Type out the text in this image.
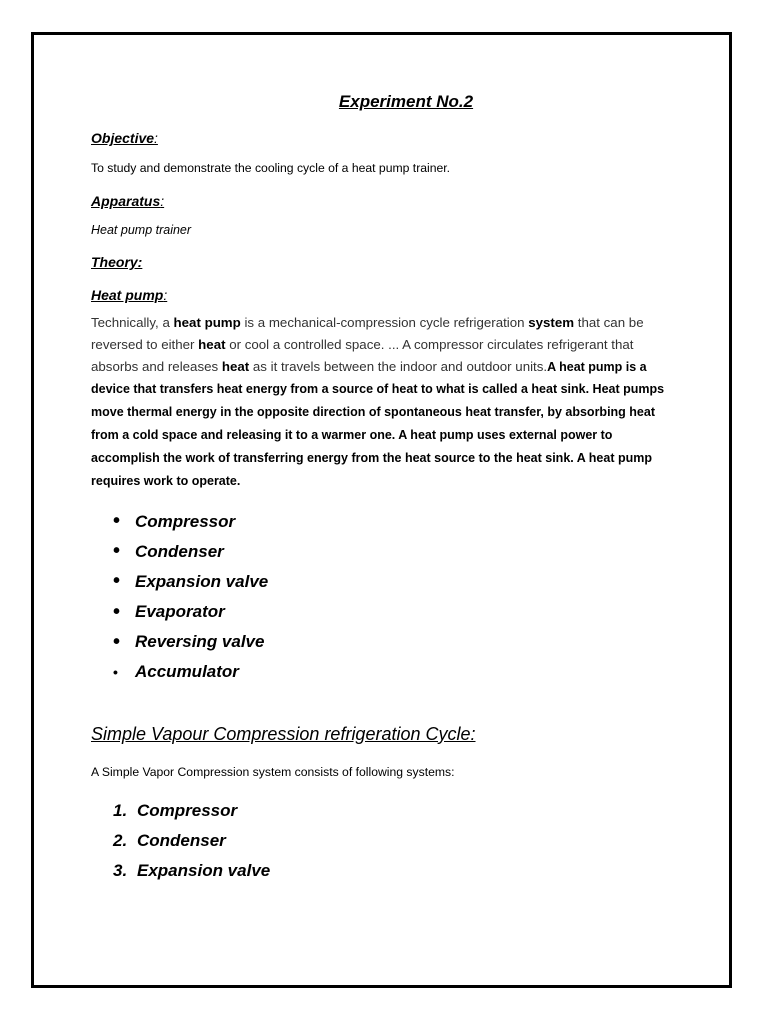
Experiment No.2

Objective:

To study and demonstrate the cooling cycle of a heat pump trainer.

Apparatus:

Heat pump trainer

Theory:

Heat pump:

Technically, a heat pump is a mechanical-compression cycle refrigeration system that can be reversed to either heat or cool a controlled space. ... A compressor circulates refrigerant that absorbs and releases heat as it travels between the indoor and outdoor units.A heat pump is a device that transfers heat energy from a source of heat to what is called a heat sink. Heat pumps move thermal energy in the opposite direction of spontaneous heat transfer, by absorbing heat from a cold space and releasing it to a warmer one. A heat pump uses external power to accomplish the work of transferring energy from the heat source to the heat sink. A heat pump requires work to operate.

• Compressor
• Condenser
• Expansion valve
• Evaporator
• Reversing valve
•	Accumulator

Simple Vapour Compression refrigeration Cycle:

A Simple Vapor Compression system consists of following systems:

1. Compressor
2. Condenser
3. Expansion valve
